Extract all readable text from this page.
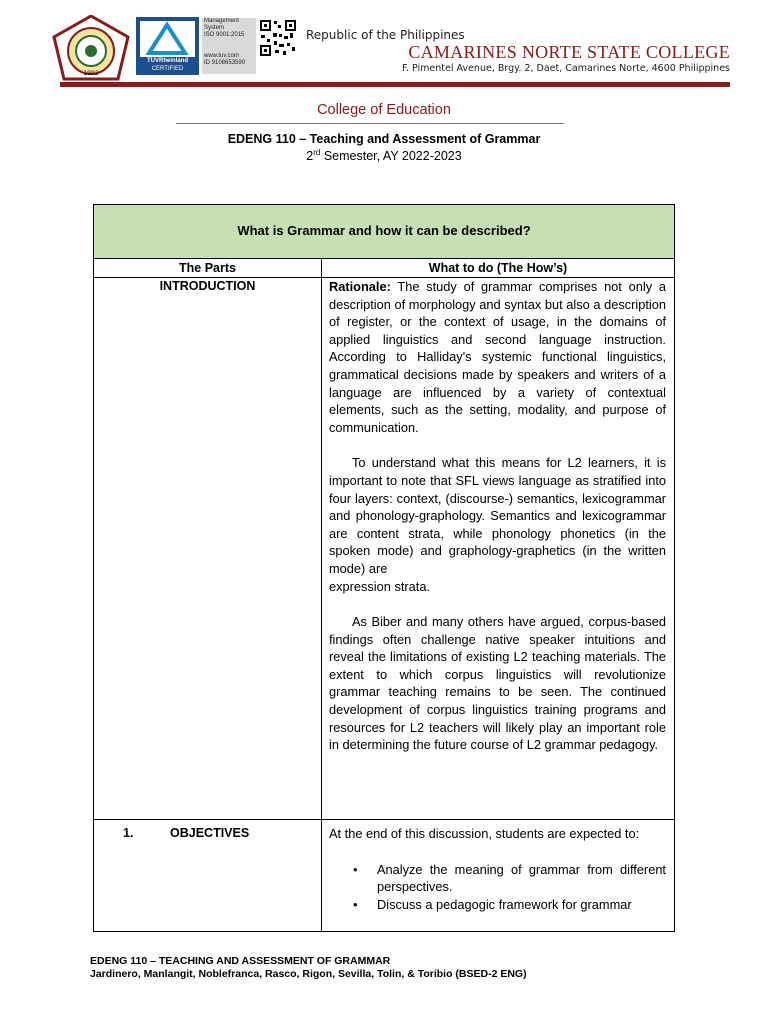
1992
TÜVRheinland
CERTIFIED
Management
System
ISO 9001:2015
www.tuv.com
ID 9108653590
Republic of the Philippines
CAMARINES NORTE STATE COLLEGE
F. Pimentel Avenue, Brgy. 2, Daet, Camarines Norte, 4600 Philippines
College of Education
EDENG 110 – Teaching and Assessment of Grammar
2rd Semester, AY 2022-2023
What is Grammar and how it can be described?
The Parts	What to do (The How’s)
INTRODUCTION	Rationale: The study of grammar comprises not only a description of morphology and syntax but also a description of register, or the context of usage, in the domains of applied linguistics and second language instruction. According to Halliday's systemic functional linguistics, grammatical decisions made by speakers and writers of a language are influenced by a variety of contextual elements, such as the setting, modality, and purpose of communication.

To understand what this means for L2 learners, it is important to note that SFL views language as stratified into four layers: context, (discourse-) semantics, lexicogrammar and phonology-graphology. Semantics and lexicogrammar are content strata, while phonology phonetics (in the spoken mode) and graphology-graphetics (in the written mode) are

expression strata.

As Biber and many others have argued, corpus-based findings often challenge native speaker intuitions and reveal the limitations of existing L2 teaching materials. The extent to which corpus linguistics will revolutionize grammar teaching remains to be seen. The continued development of corpus linguistics training programs and resources for L2 teachers will likely play an important role in determining the future course of L2 grammar pedagogy.

1.	OBJECTIVES	At the end of this discussion, students are expected to:
• Analyze the meaning of grammar from different perspectives.
• Discuss a pedagogic framework for grammar
EDENG 110 – TEACHING AND ASSESSMENT OF GRAMMAR
Jardinero, Manlangit, Noblefranca, Rasco, Rigon, Sevilla, Tolin, & Toribio (BSED-2 ENG)
